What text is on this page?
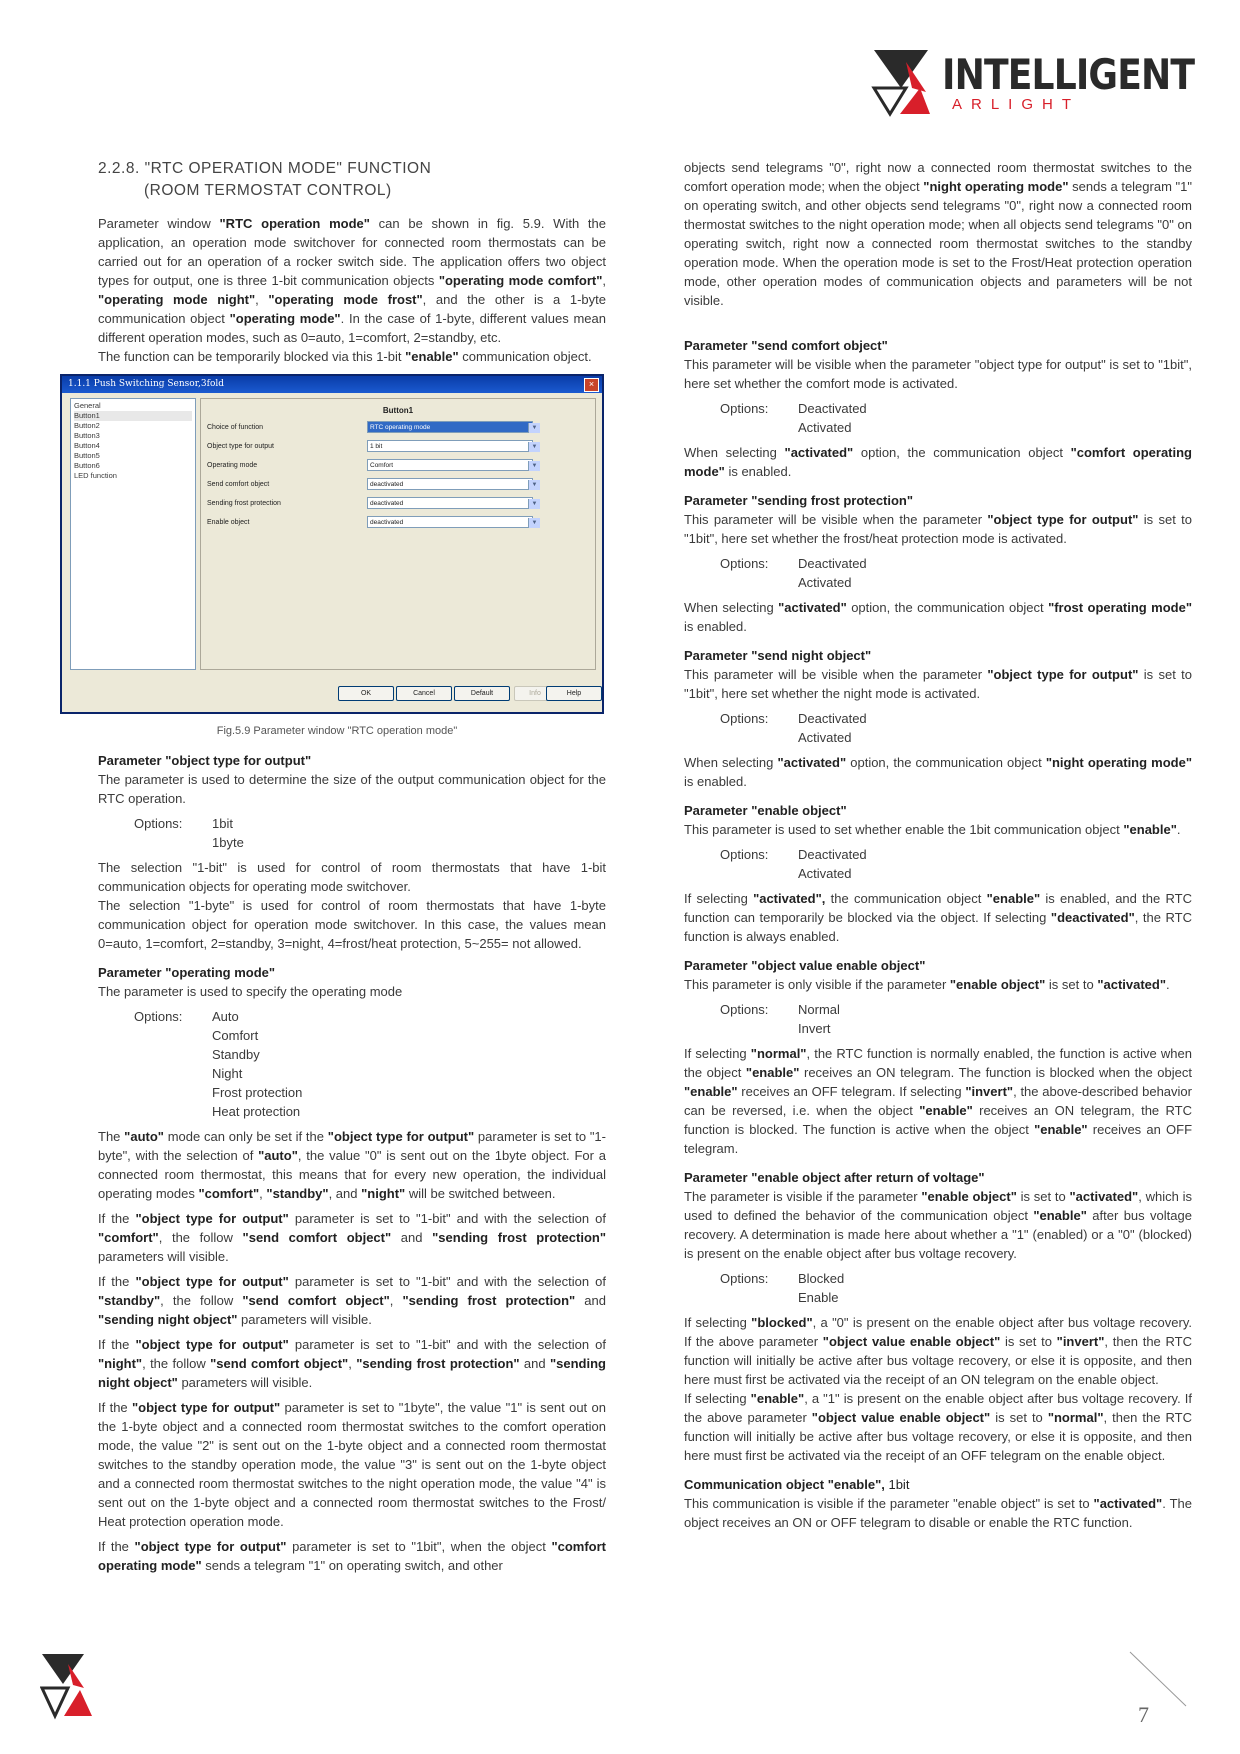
INTELLIGENT
ARLIGHT
2.2.8. "RTC OPERATION MODE" FUNCTION
(ROOM TERMOSTAT CONTROL)

Parameter window "RTC operation mode" can be shown in fig. 5.9. With the application, an operation mode switchover for connected room thermostats can be carried out for an operation of a rocker switch side. The application offers two object types for output, one is three 1-bit communication objects "operating mode comfort", "operating mode night", "operating mode frost", and the other is a 1-byte communication object "operating mode". In the case of 1-byte, different values mean different operation modes, such as 0=auto, 1=comfort, 2=standby, etc.

The function can be temporarily blocked via this 1-bit "enable" communication object.

1.1.1 Push Switching Sensor,3fold	×
General
Button1
Button2
Button3
Button4
Button5
Button6
LED function
Button1
Choice of function	RTC operating mode	▼
Object type for output	1 bit	▼
Operating mode	Comfort	▼
Send comfort object	deactivated	▼
Sending frost protection	deactivated	▼
Enable object	deactivated	▼
OK	Cancel	Default	Info	Help
Fig.5.9 Parameter window "RTC operation mode"
Parameter "object type for output"

The parameter is used to determine the size of the output communication object for the RTC operation.

Options:	1bit
1byte

The selection "1-bit" is used for control of room thermostats that have 1-bit communication objects for operating mode switchover.

The selection "1-byte" is used for control of room thermostats that have 1-byte communication object for operation mode switchover. In this case, the values mean 0=auto, 1=comfort, 2=standby, 3=night, 4=frost/heat protection, 5~255= not allowed.

Parameter "operating mode"

The parameter is used to specify the operating mode

Options:	Auto
Comfort
Standby
Night
Frost protection
Heat protection

The "auto" mode can only be set if the "object type for output" parameter is set to "1-byte", with the selection of "auto", the value "0" is sent out on the 1byte object. For a connected room thermostat, this means that for every new operation, the individual operating modes "comfort", "standby", and "night" will be switched between.

If the "object type for output" parameter is set to "1-bit" and with the selection of "comfort", the follow "send comfort object" and "sending frost protection" parameters will visible.

If the "object type for output" parameter is set to "1-bit" and with the selection of "standby", the follow "send comfort object", "sending frost protection" and "sending night object" parameters will visible.

If the "object type for output" parameter is set to "1-bit" and with the selection of "night", the follow "send comfort object", "sending frost protection" and "sending night object" parameters will visible.

If the "object type for output" parameter is set to "1byte", the value "1" is sent out on the 1-byte object and a connected room thermostat switches to the comfort operation mode, the value "2" is sent out on the 1-byte object and a connected room thermostat switches to the standby operation mode, the value "3" is sent out on the 1-byte object and a connected room thermostat switches to the night operation mode, the value "4" is sent out on the 1-byte object and a connected room thermostat switches to the Frost/ Heat protection operation mode.

If the "object type for output" parameter is set to "1bit", when the object "comfort operating mode" sends a telegram "1" on operating switch, and other

objects send telegrams "0", right now a connected room thermostat switches to the comfort operation mode; when the object "night operating mode" sends a telegram "1" on operating switch, and other objects send telegrams "0", right now a connected room thermostat switches to the night operation mode; when all objects send telegrams "0" on operating switch, right now a connected room thermostat switches to the standby operation mode. When the operation mode is set to the Frost/Heat protection operation mode, other operation modes of communication objects and parameters will be not visible.

Parameter "send comfort object"

This parameter will be visible when the parameter "object type for output" is set to "1bit", here set whether the comfort mode is activated.

Options:	Deactivated
Activated

When selecting "activated" option, the communication object "comfort operating mode" is enabled.

Parameter "sending frost protection"

This parameter will be visible when the parameter "object type for output" is set to "1bit", here set whether the frost/heat protection mode is activated.

Options:	Deactivated
Activated

When selecting "activated" option, the communication object "frost operating mode" is enabled.

Parameter "send night object"

This parameter will be visible when the parameter "object type for output" is set to "1bit", here set whether the night mode is activated.

Options:	Deactivated
Activated

When selecting "activated" option, the communication object "night operating mode" is enabled.

Parameter "enable object"

This parameter is used to set whether enable the 1bit communication object "enable".

Options:	Deactivated
Activated

If selecting "activated", the communication object "enable" is enabled, and the RTC function can temporarily be blocked via the object. If selecting "deactivated", the RTC function is always enabled.

Parameter "object value enable object"

This parameter is only visible if the parameter "enable object" is set to "activated".

Options:	Normal
Invert

If selecting "normal", the RTC function is normally enabled, the function is active when the object "enable" receives an ON telegram. The function is blocked when the object "enable" receives an OFF telegram. If selecting "invert", the above-described behavior can be reversed, i.e. when the object "enable" receives an ON telegram, the RTC function is blocked. The function is active when the object "enable" receives an OFF telegram.

Parameter "enable object after return of voltage"

The parameter is visible if the parameter "enable object" is set to "activated", which is used to defined the behavior of the communication object "enable" after bus voltage recovery. A determination is made here about whether a "1" (enabled) or a "0" (blocked) is present on the enable object after bus voltage recovery.

Options:	Blocked
Enable

If selecting "blocked", a "0" is present on the enable object after bus voltage recovery. If the above parameter "object value enable object" is set to "invert", then the RTC function will initially be active after bus voltage recovery, or else it is opposite, and then here must first be activated via the receipt of an ON telegram on the enable object.

If selecting "enable", a "1" is present on the enable object after bus voltage recovery. If the above parameter "object value enable object" is set to "normal", then the RTC function will initially be active after bus voltage recovery, or else it is opposite, and then here must first be activated via the receipt of an OFF telegram on the enable object.

Communication object "enable", 1bit

This communication is visible if the parameter "enable object" is set to "activated". The object receives an ON or OFF telegram to disable or enable the RTC function.

7
